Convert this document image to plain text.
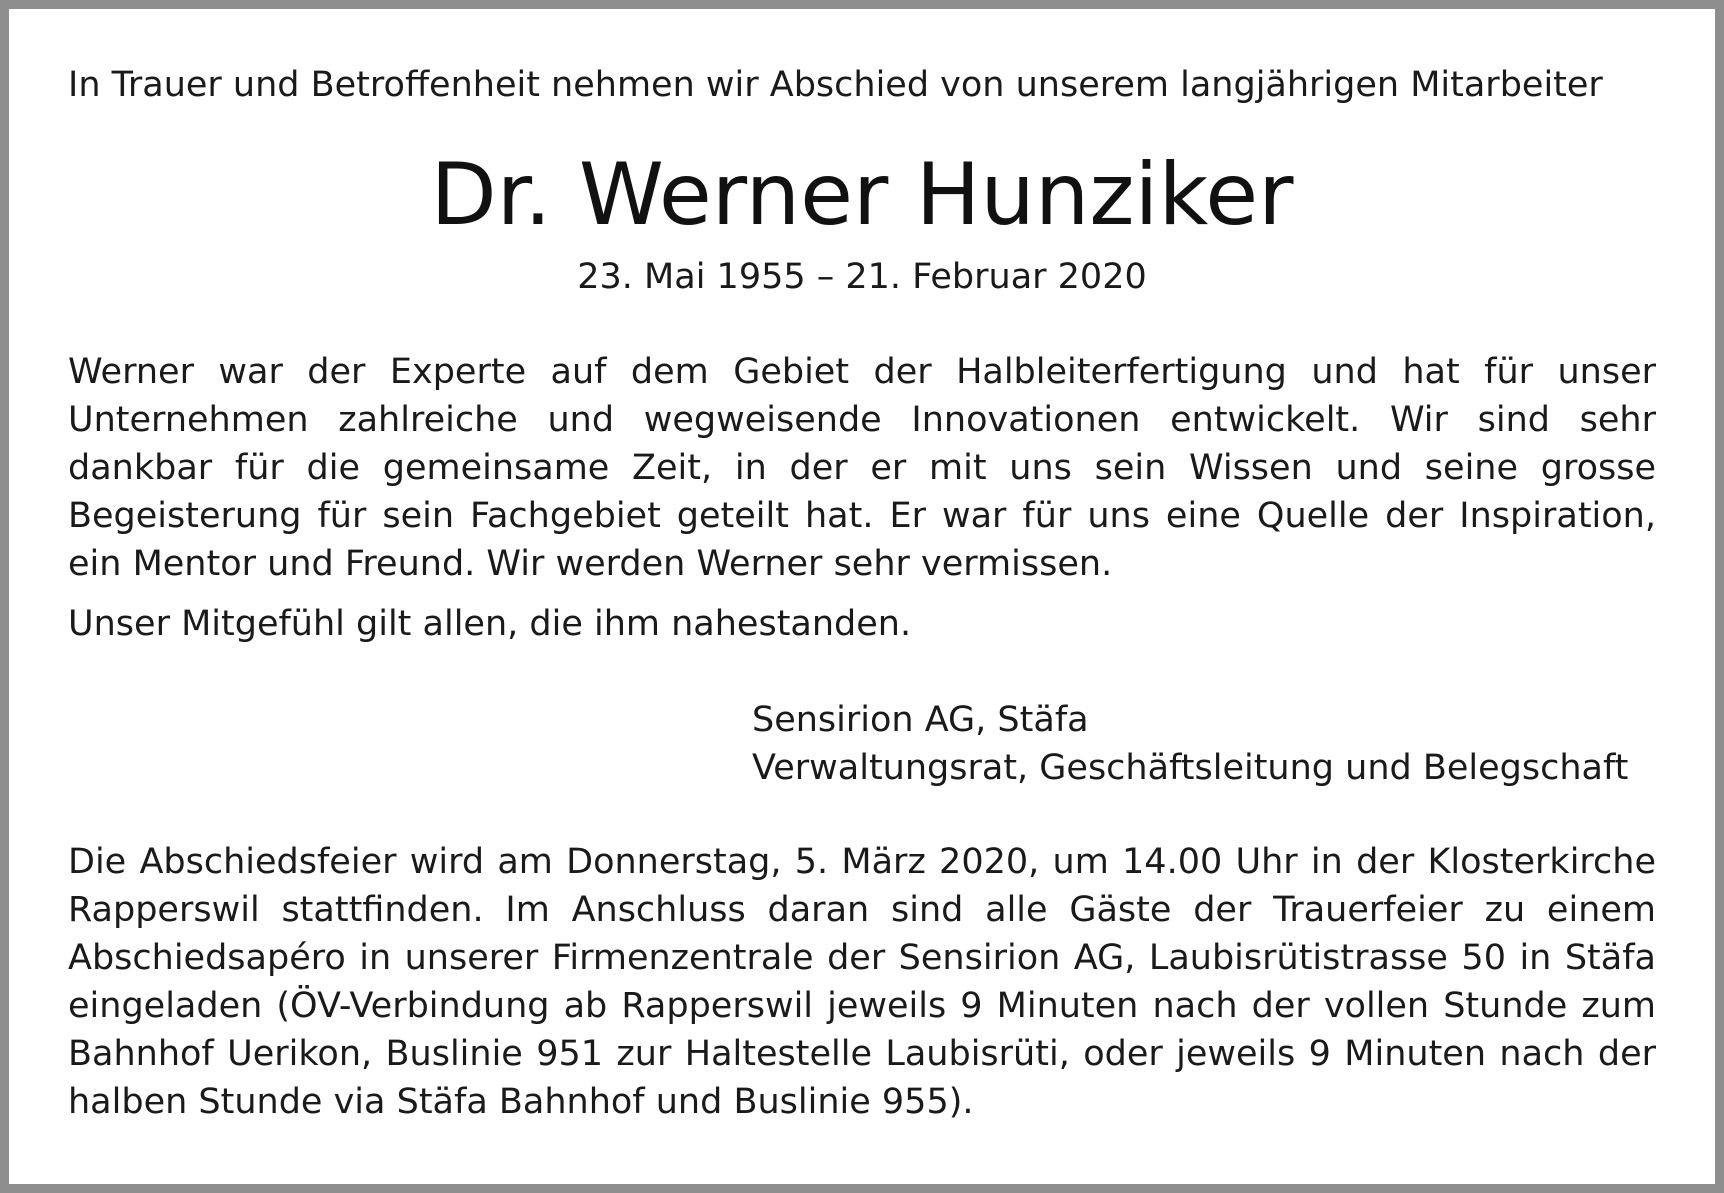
In Trauer und Betroffenheit nehmen wir Abschied von unserem langjährigen Mitarbeiter

Dr. Werner Hunziker

23. Mai 1955 – 21. Februar 2020

Werner war der Experte auf dem Gebiet der Halbleiterfertigung und hat für unser Unternehmen zahlreiche und wegweisende Innovationen entwickelt. Wir sind sehr dankbar für die gemeinsame Zeit, in der er mit uns sein Wissen und seine grosse Begeisterung für sein Fachgebiet geteilt hat. Er war für uns eine Quelle der Inspiration, ein Mentor und Freund. Wir werden Werner sehr vermissen.

Unser Mitgefühl gilt allen, die ihm nahestanden.

Sensirion AG, Stäfa
Verwaltungsrat, Geschäftsleitung und Belegschaft

Die Abschiedsfeier wird am Donnerstag, 5. März 2020, um 14.00 Uhr in der Klosterkirche Rapperswil stattfinden. Im Anschluss daran sind alle Gäste der Trauerfeier zu einem Abschiedsapéro in unserer Firmenzentrale der Sensirion AG, Laubisrütistrasse 50 in Stäfa eingeladen (ÖV-Verbindung ab Rapperswil jeweils 9 Minuten nach der vollen Stunde zum Bahnhof Uerikon, Buslinie 951 zur Haltestelle Laubisrüti, oder jeweils 9 Minuten nach der halben Stunde via Stäfa Bahnhof und Buslinie 955).
